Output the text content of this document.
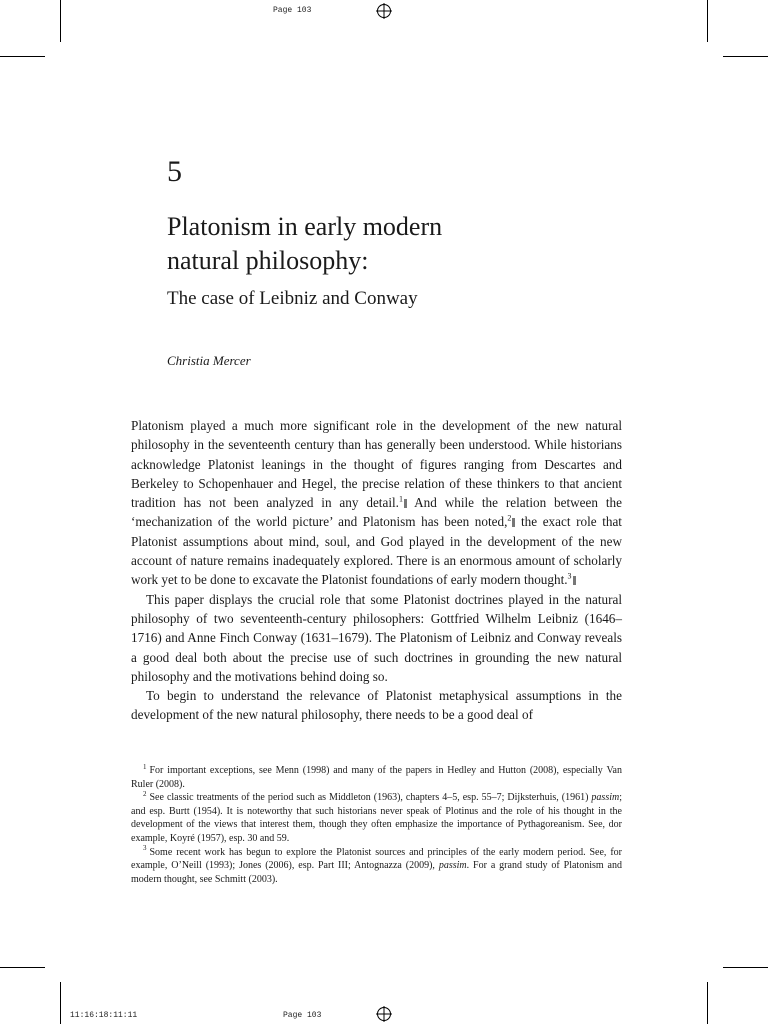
Page 103
5
Platonism in early modern
natural philosophy:
The case of Leibniz and Conway
Christia Mercer

Platonism played a much more significant role in the development of the new natural philosophy in the seventeenth century than has generally been understood. While historians acknowledge Platonist leanings in the thought of figures ranging from Descartes and Berkeley to Schopenhauer and Hegel, the precise relation of these thinkers to that ancient tradition has not been analyzed in any detail.$^1$ And while the relation between the ‘mechanization of the world picture’ and Platonism has been noted,$^2$ the exact role that Platonist assumptions about mind, soul, and God played in the development of the new account of nature remains inadequately explored. There is an enormous amount of scholarly work yet to be done to excavate the Platonist foundations of early modern thought.$^3$

This paper displays the crucial role that some Platonist doctrines played in the natural philosophy of two seventeenth-century philosophers: Gottfried Wilhelm Leibniz (1646–1716) and Anne Finch Conway (1631–1679). The Platonism of Leibniz and Conway reveals a good deal both about the precise use of such doctrines in grounding the new natural philosophy and the motivations behind doing so.

To begin to understand the relevance of Platonist metaphysical assumptions in the development of the new natural philosophy, there needs to be a good deal of

$^1$ For important exceptions, see Menn (1998) and many of the papers in Hedley and Hutton (2008), especially Van Ruler (2008).
$^2$ See classic treatments of the period such as Middleton (1963), chapters 4–5, esp. 55–7; Dijksterhuis, (1961) passim; and esp. Burtt (1954). It is noteworthy that such historians never speak of Plotinus and the role of his thought in the development of the views that interest them, though they often emphasize the importance of Pythagoreanism. See, dor example, Koyré (1957), esp. 30 and 59.
$^3$ Some recent work has begun to explore the Platonist sources and principles of the early modern period. See, for example, O’Neill (1993); Jones (2006), esp. Part III; Antognazza (2009), passim. For a grand study of Platonism and modern thought, see Schmitt (2003).
11:16:18:11:11	Page 103
